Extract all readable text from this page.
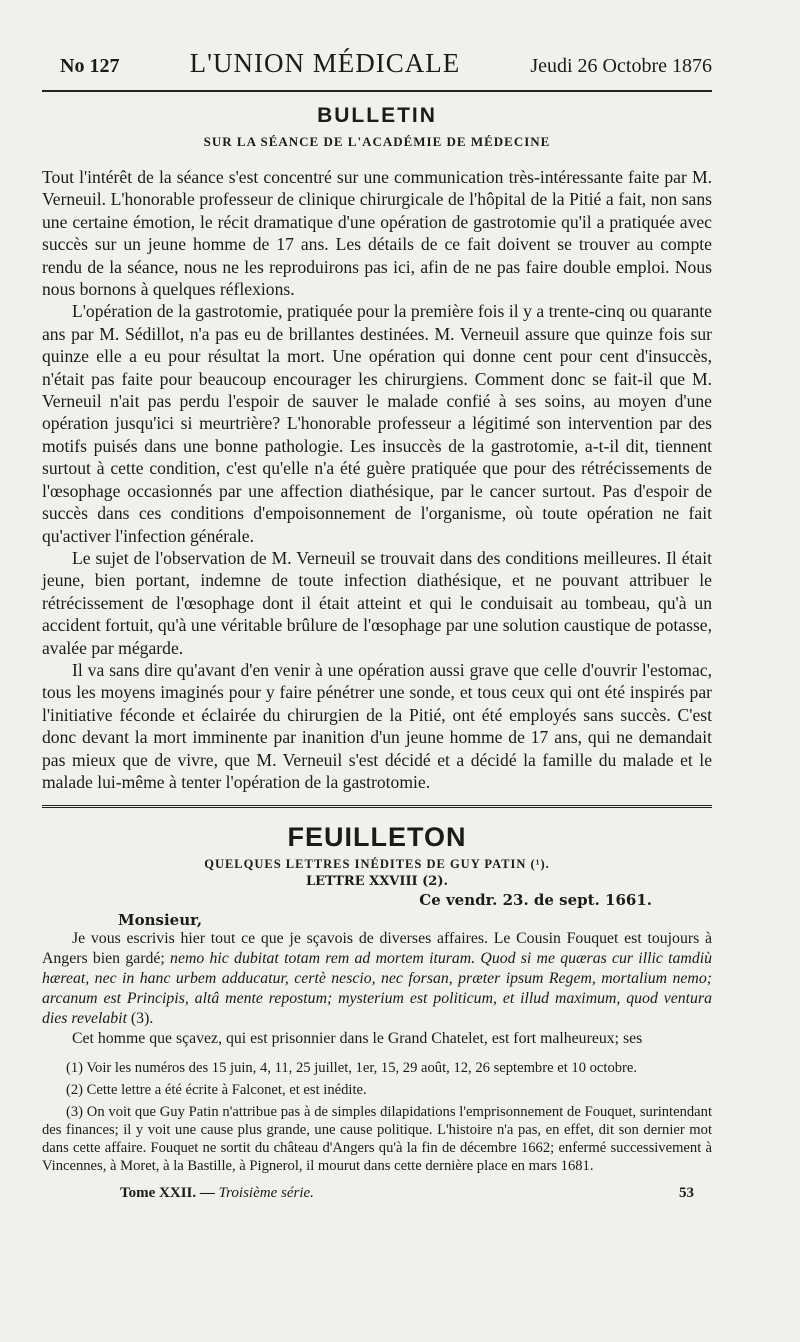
No 127	L'UNION MÉDICALE	Jeudi 26 Octobre 1876
BULLETIN
SUR LA SÉANCE DE L'ACADÉMIE DE MÉDECINE

Tout l'intérêt de la séance s'est concentré sur une communication très-intéressante faite par M. Verneuil. L'honorable professeur de clinique chirurgicale de l'hôpital de la Pitié a fait, non sans une certaine émotion, le récit dramatique d'une opération de gastrotomie qu'il a pratiquée avec succès sur un jeune homme de 17 ans. Les détails de ce fait doivent se trouver au compte rendu de la séance, nous ne les reproduirons pas ici, afin de ne pas faire double emploi. Nous nous bornons à quelques réflexions.

L'opération de la gastrotomie, pratiquée pour la première fois il y a trente-cinq ou quarante ans par M. Sédillot, n'a pas eu de brillantes destinées. M. Verneuil assure que quinze fois sur quinze elle a eu pour résultat la mort. Une opération qui donne cent pour cent d'insuccès, n'était pas faite pour beaucoup encourager les chirurgiens. Comment donc se fait-il que M. Verneuil n'ait pas perdu l'espoir de sauver le malade confié à ses soins, au moyen d'une opération jusqu'ici si meurtrière? L'honorable professeur a légitimé son intervention par des motifs puisés dans une bonne pathologie. Les insuccès de la gastrotomie, a-t-il dit, tiennent surtout à cette condition, c'est qu'elle n'a été guère pratiquée que pour des rétrécissements de l'œsophage occasionnés par une affection diathésique, par le cancer surtout. Pas d'espoir de succès dans ces conditions d'empoisonnement de l'organisme, où toute opération ne fait qu'activer l'infection générale.

Le sujet de l'observation de M. Verneuil se trouvait dans des conditions meilleures. Il était jeune, bien portant, indemne de toute infection diathésique, et ne pouvant attribuer le rétrécissement de l'œsophage dont il était atteint et qui le conduisait au tombeau, qu'à un accident fortuit, qu'à une véritable brûlure de l'œsophage par une solution caustique de potasse, avalée par mégarde.

Il va sans dire qu'avant d'en venir à une opération aussi grave que celle d'ouvrir l'estomac, tous les moyens imaginés pour y faire pénétrer une sonde, et tous ceux qui ont été inspirés par l'initiative féconde et éclairée du chirurgien de la Pitié, ont été employés sans succès. C'est donc devant la mort imminente par inanition d'un jeune homme de 17 ans, qui ne demandait pas mieux que de vivre, que M. Verneuil s'est décidé et a décidé la famille du malade et le malade lui-même à tenter l'opération de la gastrotomie.

FEUILLETON
QUELQUES LETTRES INÉDITES DE GUY PATIN (¹).
LETTRE XXVIII (2).
Ce vendr. 23. de sept. 1661.
Monsieur,

Je vous escrivis hier tout ce que je sçavois de diverses affaires. Le Cousin Fouquet est toujours à Angers bien gardé; nemo hic dubitat totam rem ad mortem ituram. Quod si me quæras cur illic tamdiù hæreat, nec in hanc urbem adducatur, certè nescio, nec forsan, præter ipsum Regem, mortalium nemo; arcanum est Principis, altâ mente repostum; mysterium est politicum, et illud maximum, quod ventura dies revelabit (3).

Cet homme que sçavez, qui est prisonnier dans le Grand Chatelet, est fort malheureux; ses

(1) Voir les numéros des 15 juin, 4, 11, 25 juillet, 1er, 15, 29 août, 12, 26 septembre et 10 octobre.

(2) Cette lettre a été écrite à Falconet, et est inédite.

(3) On voit que Guy Patin n'attribue pas à de simples dilapidations l'emprisonnement de Fouquet, surintendant des finances; il y voit une cause plus grande, une cause politique. L'histoire n'a pas, en effet, dit son dernier mot dans cette affaire. Fouquet ne sortit du château d'Angers qu'à la fin de décembre 1662; enfermé successivement à Vincennes, à Moret, à la Bastille, à Pignerol, il mourut dans cette dernière place en mars 1681.

Tome XXII. — Troisième série.	53
